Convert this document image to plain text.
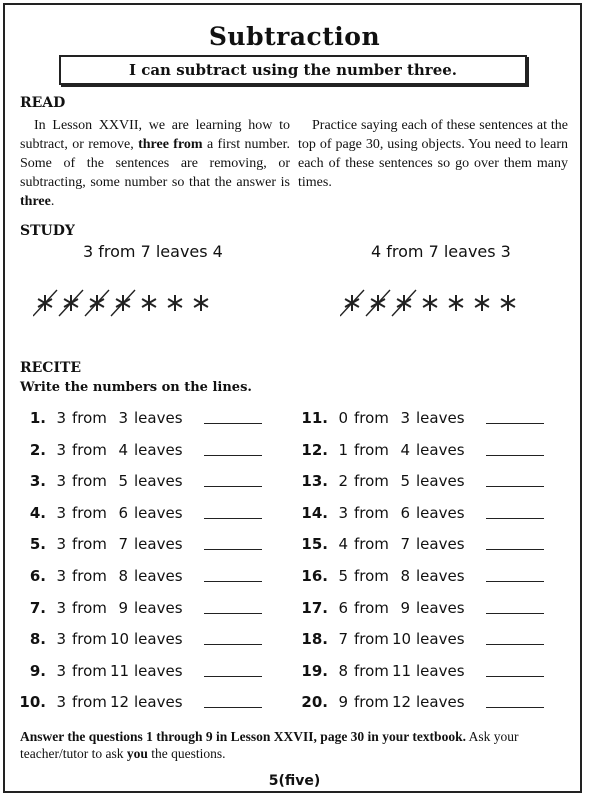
Subtraction
I can subtract using the number three.
READ

In Lesson XXVII, we are learning how to subtract, or remove, three from a first number. Some of the sentences are removing, or subtracting, some number so that the answer is three.

Practice saying each of these sentences at the top of page 30, using objects. You need to learn each of these sentences so go over them many times.

STUDY
3 from 7 leaves 4	4 from 7 leaves 3
RECITE
Write the numbers on the lines.
1. 3 from 3 leaves
2. 3 from 4 leaves
3. 3 from 5 leaves
4. 3 from 6 leaves
5. 3 from 7 leaves
6. 3 from 8 leaves
7. 3 from 9 leaves
8. 3 from 10 leaves
9. 3 from 11 leaves
10. 3 from 12 leaves
11. 0 from 3 leaves
12. 1 from 4 leaves
13. 2 from 5 leaves
14. 3 from 6 leaves
15. 4 from 7 leaves
16. 5 from 8 leaves
17. 6 from 9 leaves
18. 7 from 10 leaves
19. 8 from 11 leaves
20. 9 from 12 leaves
Answer the questions 1 through 9 in Lesson XXVII, page 30 in your textbook. Ask your teacher/tutor to ask you the questions.
5(five)
